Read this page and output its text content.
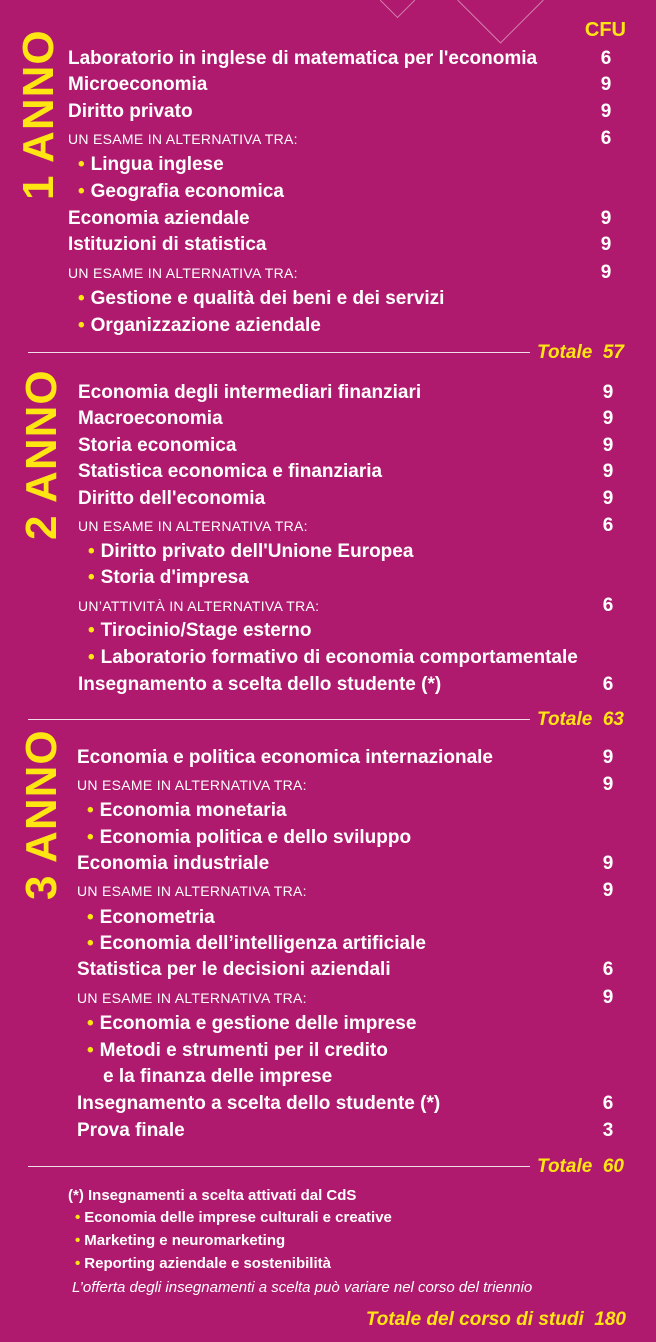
CFU
1 ANNO Laboratorio in inglese di matematica per l'economia	6
Microeconomia	9
Diritto privato	9
UN ESAME IN ALTERNATIVA TRA:	6
• Lingua inglese
• Geografia economica
Economia aziendale	9
Istituzioni di statistica	9
UN ESAME IN ALTERNATIVA TRA:	9
• Gestione e qualità dei beni e dei servizi
• Organizzazione aziendale
Totale 57
2 ANNO Economia degli intermediari finanziari	9
Macroeconomia	9
Storia economica	9
Statistica economica e finanziaria	9
Diritto dell'economia	9
UN ESAME IN ALTERNATIVA TRA:	6
• Diritto privato dell'Unione Europea
• Storia d'impresa
UN’ATTIVITÀ IN ALTERNATIVA TRA:	6
• Tirocinio/Stage esterno
• Laboratorio formativo di economia comportamentale
Insegnamento a scelta dello studente (*)	6
Totale 63
3 ANNO Economia e politica economica internazionale	9
UN ESAME IN ALTERNATIVA TRA:	9
• Economia monetaria
• Economia politica e dello sviluppo
Economia industriale	9
UN ESAME IN ALTERNATIVA TRA:	9
• Econometria
• Economia dell’intelligenza artificiale
Statistica per le decisioni aziendali	6
UN ESAME IN ALTERNATIVA TRA:	9
• Economia e gestione delle imprese
• Metodi e strumenti per il credito
e la finanza delle imprese
Insegnamento a scelta dello studente (*)	6
Prova finale	3
Totale 60
(*) Insegnamenti a scelta attivati dal CdS
• Economia delle imprese culturali e creative
• Marketing e neuromarketing
• Reporting aziendale e sostenibilità
L’offerta degli insegnamenti a scelta può variare nel corso del triennio
Totale del corso di studi  180
